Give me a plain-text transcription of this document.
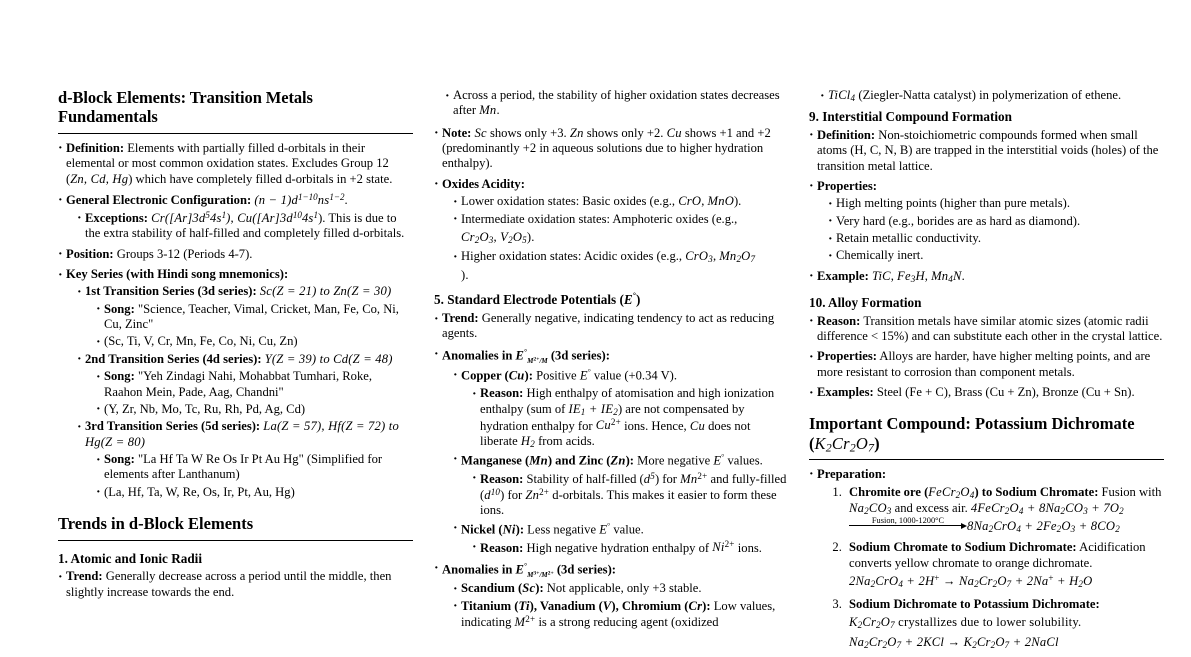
d-Block Elements: Transition Metals Fundamentals
· Definition: Elements with partially filled d-orbitals in their elemental or most common oxidation states. Excludes Group 12 (Zn, Cd, Hg) which have completely filled d-orbitals in +2 state.
· General Electronic Configuration: $(n - 1)d^{1-10}ns^{1-2}$.
· Exceptions: $Cr([Ar]3d^54s^1)$, $Cu([Ar]3d^{10}4s^1)$. This is due to the extra stability of half-filled and completely filled d-orbitals.
· Position: Groups 3-12 (Periods 4-7).
· Key Series (with Hindi song mnemonics):
· 1st Transition Series (3d series): Sc(Z = 21) to Zn(Z = 30)
· Song: "Science, Teacher, Vimal, Cricket, Man, Fe, Co, Ni, Cu, Zinc"
· (Sc, Ti, V, Cr, Mn, Fe, Co, Ni, Cu, Zn)
· 2nd Transition Series (4d series): Y(Z = 39) to Cd(Z = 48)
· Song: "Yeh Zindagi Nahi, Mohabbat Tumhari, Roke, Raahon Mein, Pade, Aag, Chandni"
· (Y, Zr, Nb, Mo, Tc, Ru, Rh, Pd, Ag, Cd)
· 3rd Transition Series (5d series): La(Z = 57), Hf(Z = 72) to Hg(Z = 80)
· Song: "La Hf Ta W Re Os Ir Pt Au Hg" (Simplified for elements after Lanthanum)
· (La, Hf, Ta, W, Re, Os, Ir, Pt, Au, Hg)
Trends in d-Block Elements
1. Atomic and Ionic Radii
· Trend: Generally decrease across a period until the middle, then slightly increase towards the end.
· Across a period, the stability of higher oxidation states decreases after Mn.
· Note: Sc shows only +3. Zn shows only +2. Cu shows +1 and +2 (predominantly +2 in aqueous solutions due to higher hydration enthalpy).
· Oxides Acidity:
· Lower oxidation states: Basic oxides (e.g., CrO, MnO).
· Intermediate oxidation states: Amphoteric oxides (e.g.,
$Cr_2O_3$, $V_2O_5$).
· Higher oxidation states: Acidic oxides (e.g., CrO$_3$, $Mn_2O_7$
).
5. Standard Electrode Potentials (E°)
· Trend: Generally negative, indicating tendency to act as reducing agents.
· Anomalies in $E^\circ_{M^{2+}/M}$ (3d series):
· Copper (Cu): Positive E° value (+0.34 V).
· Reason: High enthalpy of atomisation and high ionization enthalpy (sum of $IE_1 + IE_2$) are not compensated by hydration enthalpy for $Cu^{2+}$ ions. Hence, Cu does not liberate $H_2$ from acids.
· Manganese (Mn) and Zinc (Zn): More negative E° values.
· Reason: Stability of half-filled $(d^5)$ for $Mn^{2+}$ and fully-filled $(d^{10})$ for $Zn^{2+}$ d-orbitals. This makes it easier to form these ions.
· Nickel (Ni): Less negative E° value.
· Reason: High negative hydration enthalpy of $Ni^{2+}$ ions.
· Anomalies in $E^\circ_{M^{3+}/M^{2+}}$ (3d series):
· Scandium (Sc): Not applicable, only +3 stable.
· Titanium (Ti), Vanadium (V), Chromium (Cr): Low values, indicating $M^{2+}$ is a strong reducing agent (oxidized
· TiCl$_4$ (Ziegler-Natta catalyst) in polymerization of ethene.
9. Interstitial Compound Formation
· Definition: Non-stoichiometric compounds formed when small atoms (H, C, N, B) are trapped in the interstitial voids (holes) of the transition metal lattice.
· Properties:
· High melting points (higher than pure metals).
· Very hard (e.g., borides are as hard as diamond).
· Retain metallic conductivity.
· Chemically inert.
· Example: TiC, $Fe_3H$, $Mn_4N$.
10. Alloy Formation
· Reason: Transition metals have similar atomic sizes (atomic radii difference < 15%) and can substitute each other in the crystal lattice.
· Properties: Alloys are harder, have higher melting points, and are more resistant to corrosion than component metals.
· Examples: Steel (Fe + C), Brass (Cu + Zn), Bronze (Cu + Sn).
Important Compound: Potassium Dichromate $(K_2Cr_2O_7)$
· Preparation:
1. Chromite ore $(FeCr_2O_4)$ to Sodium Chromate: Fusion with $Na_2CO_3$ and excess air. $4FeCr_2O_4 + 8Na_2CO_3 + 7O_2$
Fusion, 1000-1200°C $8Na_2CrO_4 + 2Fe_2O_3 + 8CO_2$
2. Sodium Chromate to Sodium Dichromate: Acidification converts yellow chromate to orange dichromate.
$2Na_2CrO_4 + 2H^+ \to Na_2Cr_2O_7 + 2Na^+ + H_2O$
3. Sodium Dichromate to Potassium Dichromate:
$K_2Cr_2O_7$ crystallizes due to lower solubility.
$Na_2Cr_2O_7 + 2KCl \to K_2Cr_2O_7$ + 2NaCl
